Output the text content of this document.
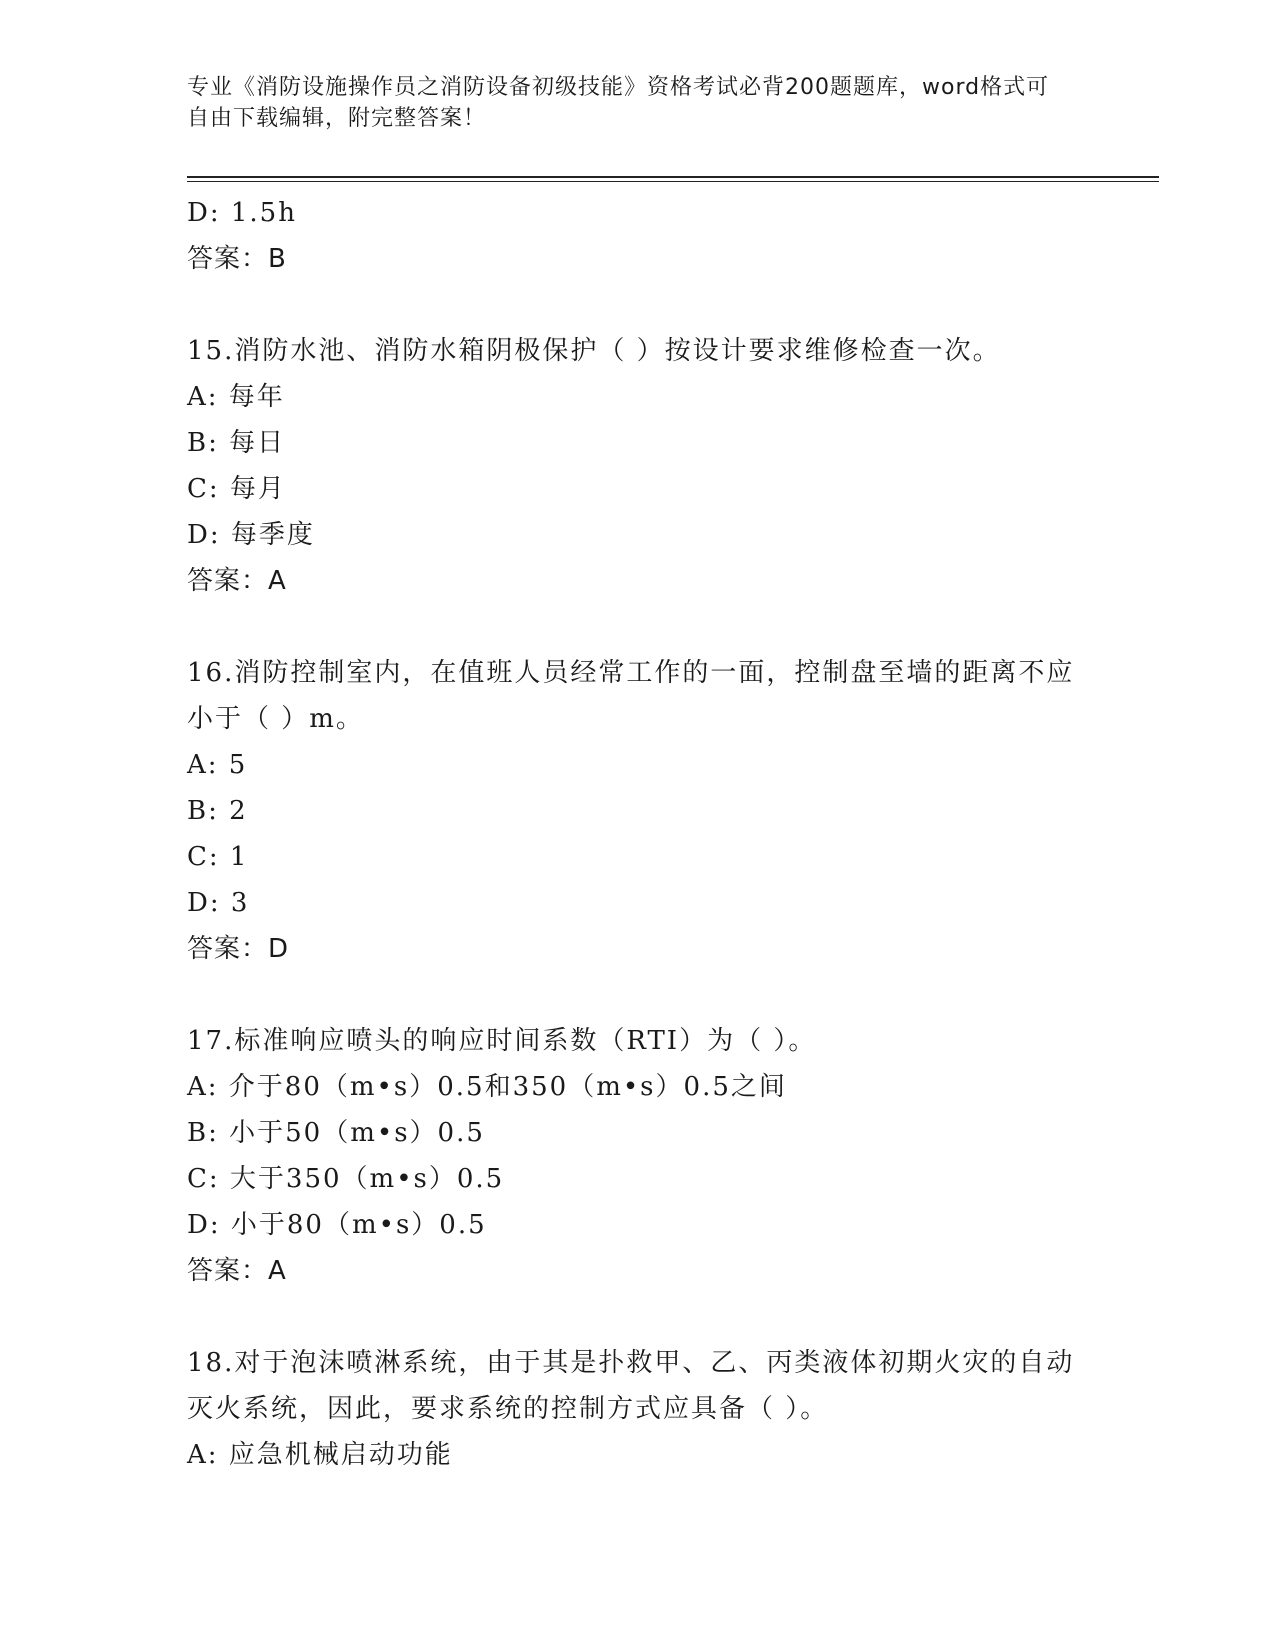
专业《消防设施操作员之消防设备初级技能》资格考试必背200题题库，word格式可自由下载编辑，附完整答案！
D: 1.5h
答案：B
15.消防水池、消防水箱阴极保护（ ）按设计要求维修检查一次。
A: 每年
B: 每日
C: 每月
D: 每季度
答案：A
16.消防控制室内，在值班人员经常工作的一面，控制盘至墙的距离不应小于（ ）m。
A: 5
B: 2
C: 1
D: 3
答案：D
17.标准响应喷头的响应时间系数（RTI）为（ ）。
A: 介于80（m•s）0.5和350（m•s）0.5之间
B: 小于50（m•s）0.5
C: 大于350（m•s）0.5
D: 小于80（m•s）0.5
答案：A
18.对于泡沫喷淋系统，由于其是扑救甲、乙、丙类液体初期火灾的自动灭火系统，因此，要求系统的控制方式应具备（ ）。
A: 应急机械启动功能
